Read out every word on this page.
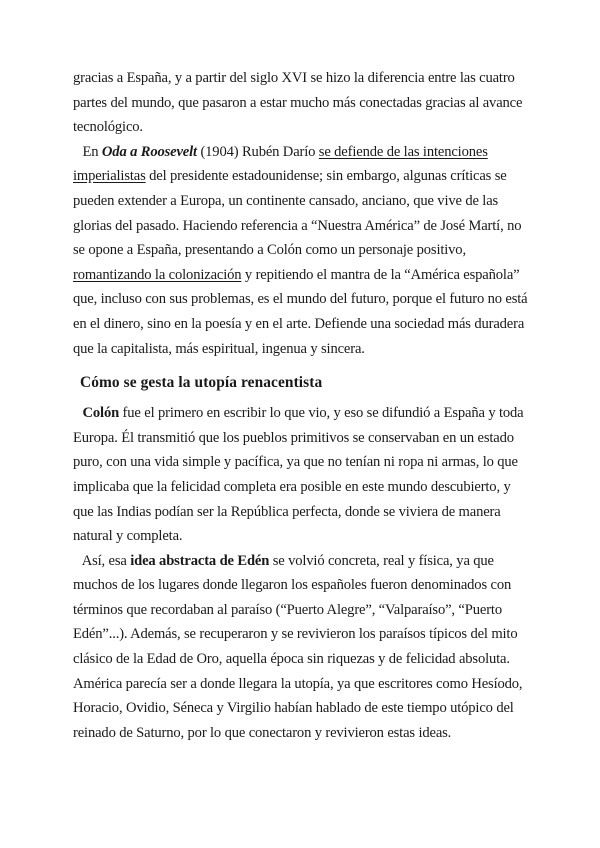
gracias a España, y a partir del siglo XVI se hizo la diferencia entre las cuatro partes del mundo, que pasaron a estar mucho más conectadas gracias al avance tecnológico.

En Oda a Roosevelt (1904) Rubén Darío se defiende de las intenciones imperialistas del presidente estadounidense; sin embargo, algunas críticas se pueden extender a Europa, un continente cansado, anciano, que vive de las glorias del pasado. Haciendo referencia a “Nuestra América” de José Martí, no se opone a España, presentando a Colón como un personaje positivo, romantizando la colonización y repitiendo el mantra de la “América española” que, incluso con sus problemas, es el mundo del futuro, porque el futuro no está en el dinero, sino en la poesía y en el arte. Defiende una sociedad más duradera que la capitalista, más espiritual, ingenua y sincera.

Cómo se gesta la utopía renacentista

Colón fue el primero en escribir lo que vio, y eso se difundió a España y toda Europa. Él transmitió que los pueblos primitivos se conservaban en un estado puro, con una vida simple y pacífica, ya que no tenían ni ropa ni armas, lo que implicaba que la felicidad completa era posible en este mundo descubierto, y que las Indias podían ser la República perfecta, donde se viviera de manera natural y completa.

Así, esa idea abstracta de Edén se volvió concreta, real y física, ya que muchos de los lugares donde llegaron los españoles fueron denominados con términos que recordaban al paraíso (“Puerto Alegre”, “Valparaíso”, “Puerto Edén”...). Además, se recuperaron y se revivieron los paraísos típicos del mito clásico de la Edad de Oro, aquella época sin riquezas y de felicidad absoluta. América parecía ser a donde llegara la utopía, ya que escritores como Hesíodo, Horacio, Ovidio, Séneca y Virgilio habían hablado de este tiempo utópico del reinado de Saturno, por lo que conectaron y revivieron estas ideas.
